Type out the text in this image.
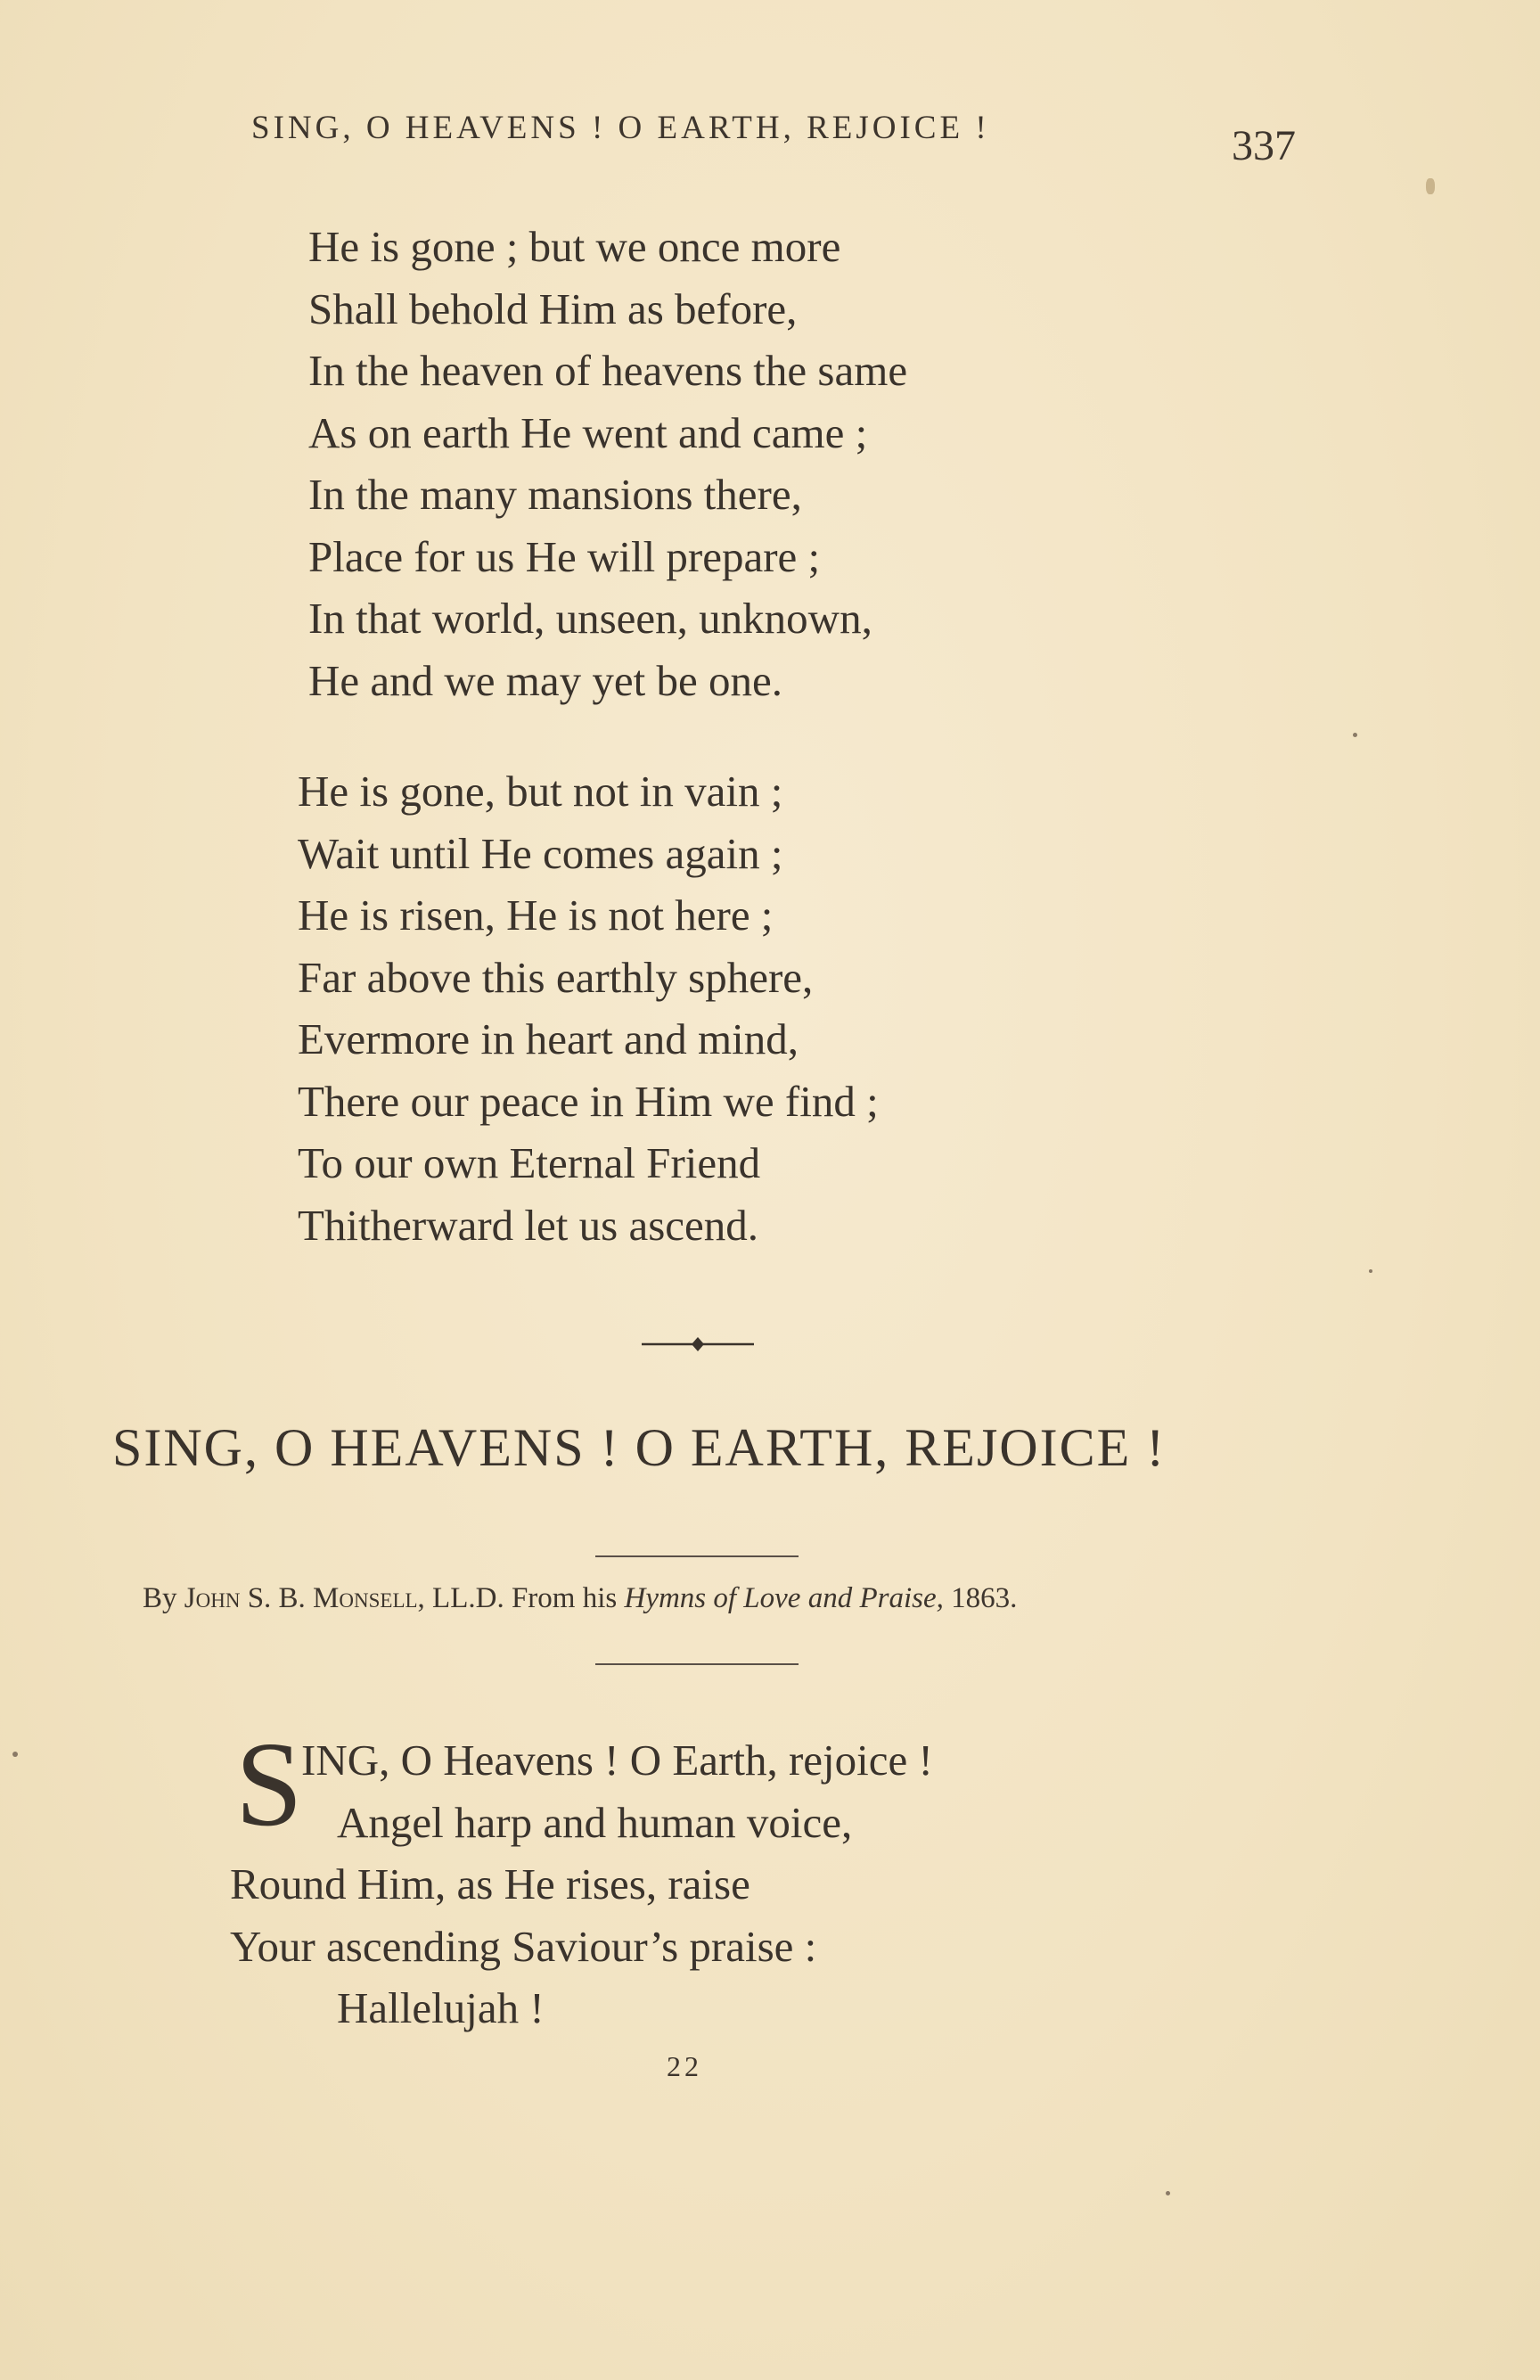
SING, O HEAVENS ! O EARTH, REJOICE !	337

He is gone ; but we once more
Shall behold Him as before,
In the heaven of heavens the same
As on earth He went and came ;
In the many mansions there,
Place for us He will prepare ;
In that world, unseen, unknown,
He and we may yet be one.

He is gone, but not in vain ;
Wait until He comes again ;
He is risen, He is not here ;
Far above this earthly sphere,
Evermore in heart and mind,
There our peace in Him we find ;
To our own Eternal Friend
Thitherward let us ascend.

SING, O HEAVENS ! O EARTH, REJOICE !
By John S. B. Monsell, LL.D. From his Hymns of Love and Praise, 1863.

S
ING, O Heavens ! O Earth, rejoice !
Angel harp and human voice,
Round Him, as He rises, raise
Your ascending Saviour’s praise :
Hallelujah !

22
